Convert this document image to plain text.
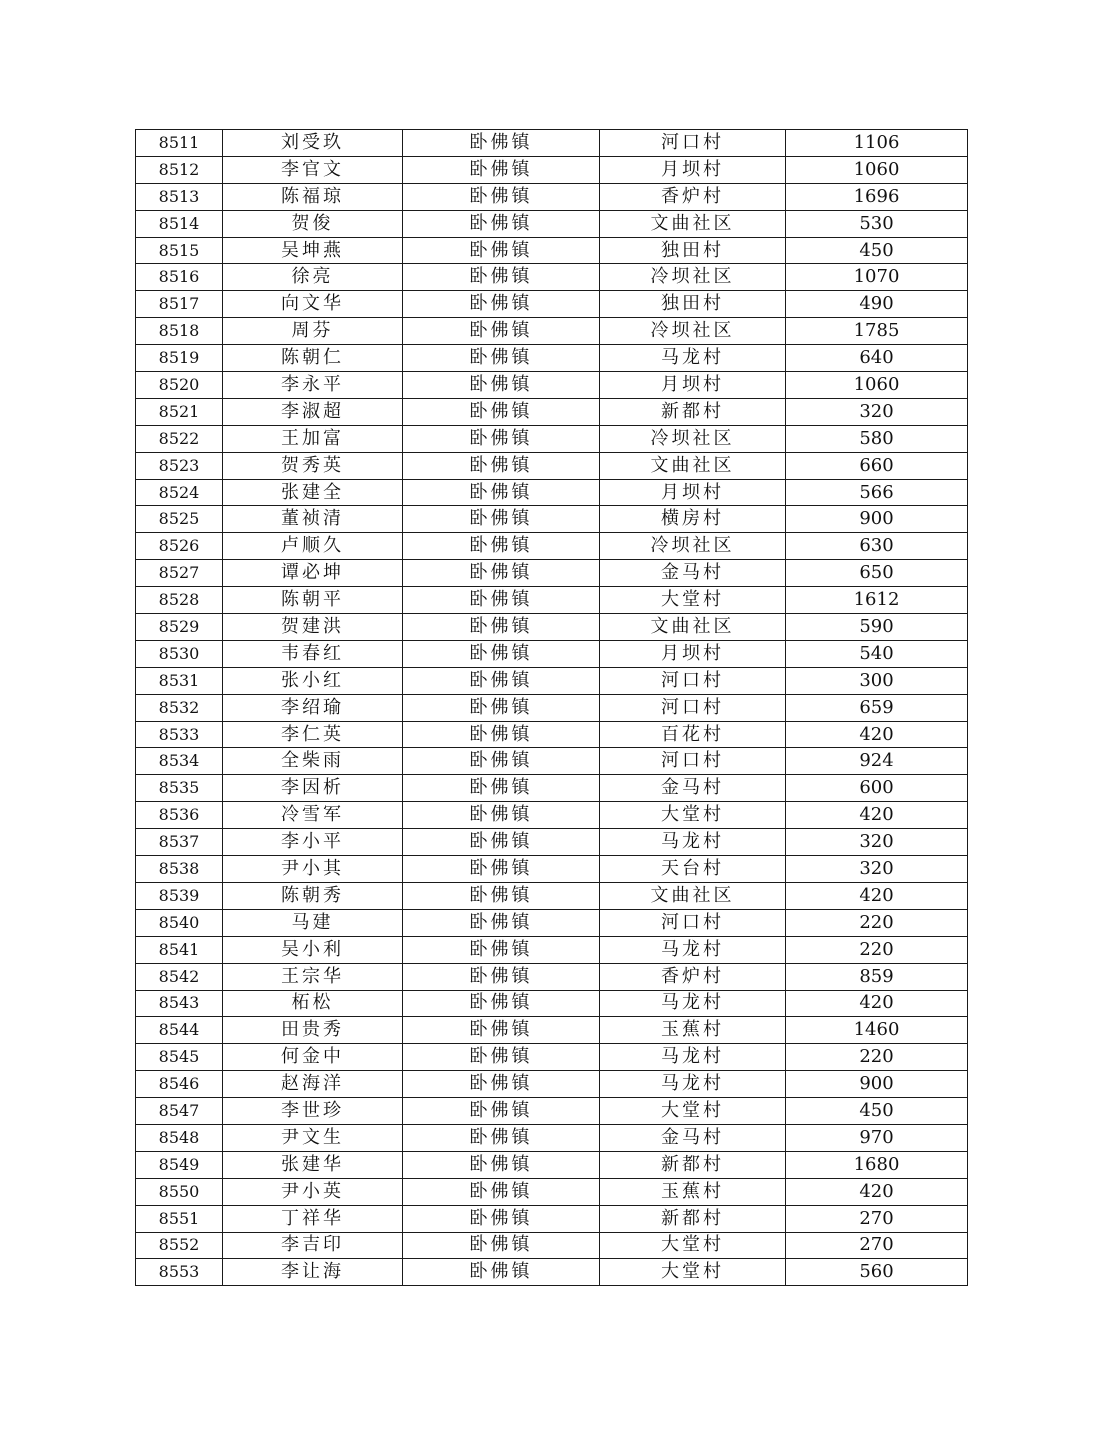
8511	刘受玖	卧佛镇	河口村	1106
8512	李官文	卧佛镇	月坝村	1060
8513	陈福琼	卧佛镇	香炉村	1696
8514	贺俊	卧佛镇	文曲社区	530
8515	吴坤燕	卧佛镇	独田村	450
8516	徐亮	卧佛镇	冷坝社区	1070
8517	向文华	卧佛镇	独田村	490
8518	周芬	卧佛镇	冷坝社区	1785
8519	陈朝仁	卧佛镇	马龙村	640
8520	李永平	卧佛镇	月坝村	1060
8521	李淑超	卧佛镇	新都村	320
8522	王加富	卧佛镇	冷坝社区	580
8523	贺秀英	卧佛镇	文曲社区	660
8524	张建全	卧佛镇	月坝村	566
8525	董祯清	卧佛镇	横房村	900
8526	卢顺久	卧佛镇	冷坝社区	630
8527	谭必坤	卧佛镇	金马村	650
8528	陈朝平	卧佛镇	大堂村	1612
8529	贺建洪	卧佛镇	文曲社区	590
8530	韦春红	卧佛镇	月坝村	540
8531	张小红	卧佛镇	河口村	300
8532	李绍瑜	卧佛镇	河口村	659
8533	李仁英	卧佛镇	百花村	420
8534	全柴雨	卧佛镇	河口村	924
8535	李因析	卧佛镇	金马村	600
8536	冷雪军	卧佛镇	大堂村	420
8537	李小平	卧佛镇	马龙村	320
8538	尹小其	卧佛镇	天台村	320
8539	陈朝秀	卧佛镇	文曲社区	420
8540	马建	卧佛镇	河口村	220
8541	吴小利	卧佛镇	马龙村	220
8542	王宗华	卧佛镇	香炉村	859
8543	柘松	卧佛镇	马龙村	420
8544	田贵秀	卧佛镇	玉蕉村	1460
8545	何金中	卧佛镇	马龙村	220
8546	赵海洋	卧佛镇	马龙村	900
8547	李世珍	卧佛镇	大堂村	450
8548	尹文生	卧佛镇	金马村	970
8549	张建华	卧佛镇	新都村	1680
8550	尹小英	卧佛镇	玉蕉村	420
8551	丁祥华	卧佛镇	新都村	270
8552	李吉印	卧佛镇	大堂村	270
8553	李让海	卧佛镇	大堂村	560
